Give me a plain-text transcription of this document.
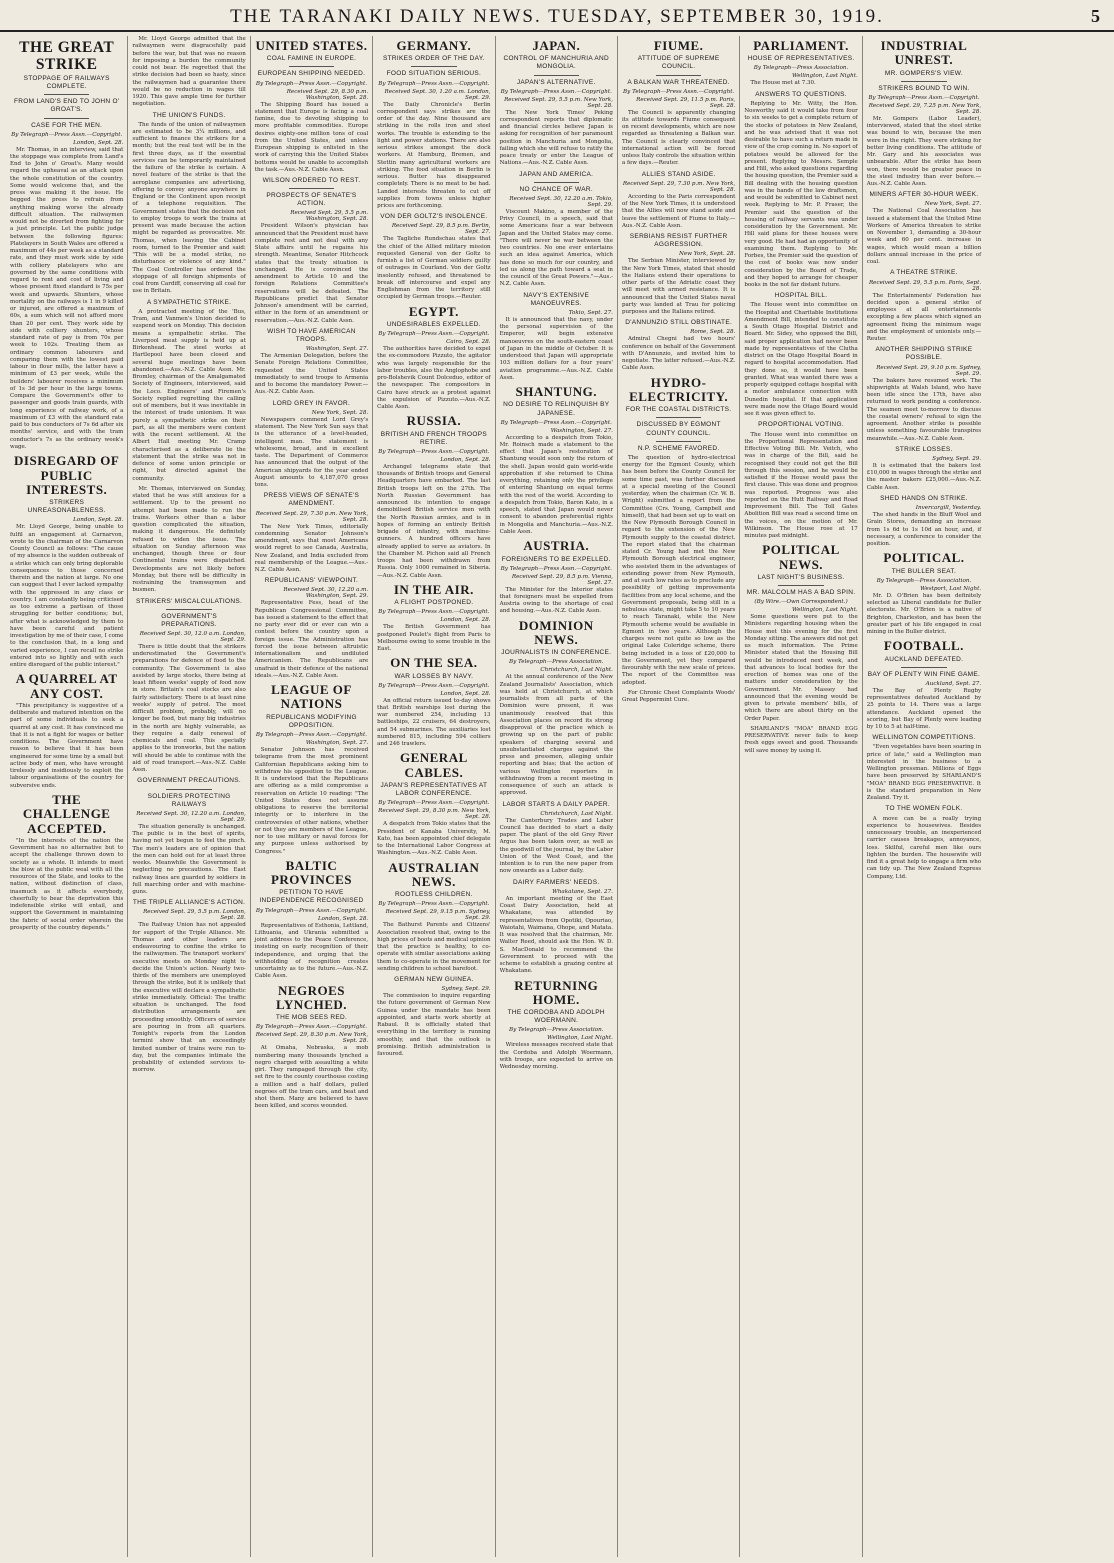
THE TARANAKI DAILY NEWS. TUESDAY, SEPTEMBER 30, 1919.	5
THE GREAT STRIKE
STOPPAGE OF RAILWAYS COMPLETE.
FROM LAND'S END TO JOHN O' GROAT'S.
CASE FOR THE MEN.
By Telegraph—Press Assn.—Copyright.
London, Sept. 28.
Mr. Thomas, in an interview, said that the stoppage was complete from Land's End to John o' Groat's. Many would regard the upheaval as an attack upon the whole constitution of the country. Some would welcome that, and the press was making it the issue. He begged the press to refrain from anything making worse the already difficult situation. The railwaymen would not be diverted from fighting for a just principle. Let the public judge between the following figures: Platelayers in South Wales are offered a maximum of 44s per week as a standard rate, and they must work side by side with colliery platelayers who are governed by the same conditions with regard to rent and cost of living and whose present fixed standard is 75s per week and upwards. Shunters, whose mortality on the railways is 1 in 9 killed or injured, are offered a maximum of 60s, a sum which will not afford more than 20 per cent. They work side by side with colliery shunters, whose standard rate of pay is from 70s per week to 102s. Treating them as ordinary common labourers and comparing them with the lowest paid labour in flour mills, the latter have a minimum of £3 per week, while the builders' labourer receives a minimum of 1s 3d per hour in the large towns. Compare the Government's offer to passenger and goods train guards, with long experience of railway work, of a maximum of £3 with the standard rate paid to bus conductors of 7s 6d after six months' service, and with the tram conductor's 7s as the ordinary week's wage.
DISREGARD OF PUBLIC INTERESTS.
STRIKERS UNREASONABLENESS.
London, Sept. 28.
Mr. Lloyd George, being unable to fulfil an engagement at Carnarvon, wrote to the chairman of the Carnarvon County Council as follows: "The cause of my absence is the sudden outbreak of a strike which can only bring deplorable consequences to those concerned therein and the nation at large. No one can suggest that I ever lacked sympathy with the oppressed in any class or country. I am constantly being criticised as too extreme a partisan of those struggling for better conditions; but, after what is acknowledged by them to have been careful and patient investigation by me of their case, I come to the conclusion that, in a long and varied experience, I can recall no strike entered into so lightly and with such entire disregard of the public interest."
A QUARREL AT ANY COST.
"This precipitancy is suggestive of a deliberate and matured intention on the part of some individuals to seek a quarrel at any cost. It has convinced me that it is not a fight for wages or better conditions. The Government have reason to believe that it has been engineered for some time by a small but active body of men, who have wrought tirelessly and insidiously to exploit the labour organisations of the country for subversive ends.
THE CHALLENGE ACCEPTED.
"In the interests of the nation the Government has no alternative but to accept the challenge thrown down to society as a whole. It intends to meet the blow at the public weal with all the resources of the State, and looks to the nation, without distinction of class, inasmuch as it affects everybody, cheerfully to bear the deprivation this indefensible strike will entail, and support the Government in maintaining the fabric of social order wherein the prosperity of the country depends."
Mr. Lloyd George admitted that the railwaymen were disgracefully paid before the war, but that was no reason for imposing a burden the community could not bear. He regretted that the strike decision had been so hasty, since the railwaymen had a guarantee there would be no reduction in wages till 1920. This gave ample time for further negotiation.
THE UNION'S FUNDS.
The funds of the union of railwaymen are estimated to be 3¼ millions, and sufficient to finance the strikers for a month; but the real test will be in the first three days, as if the essential services can be temporarily maintained the failure of the strike is certain. A novel feature of the strike is that the aeroplane companies are advertising, offering to convey anyone anywhere in England or the Continent upon receipt of a telephone requisition. The Government states that the decision not to employ troops to work the trains at present was made because the action might be regarded as provocative. Mr. Thomas, when leaving the Cabinet room, turned to the Premier and said: "This will be a model strike, no disturbance or violence of any kind." The Coal Controller has ordered the stoppage of all foreign shipments of coal from Cardiff, conserving all coal for use in Britain.
A SYMPATHETIC STRIKE.
A protracted meeting of the 'Bus, Tram, and Vanmen's Union decided to suspend work on Monday. This decision means a sympathetic strike. The Liverpool meat supply is held up at Birkenhead. The steel works at Hartlepool have been closed and several huge meetings have been abandoned.—Aus.-N.Z. Cable Assn. Mr. Bromley, chairman of the Amalgamated Society of Engineers, interviewed, said the Loco. Engineers' and Firemen's Society replied regretting the calling out of members, but it was inevitable in the interest of trade unionism. It was purely a sympathetic strike on their part, as all the members were content with the recent settlement. At the Albert Hall meeting Mr. Cramp characterised as a deliberate lie the statement that the strike was not in defence of some union principle or right, but directed against the community.
Mr. Thomas, interviewed on Sunday, stated that he was still anxious for a settlement. Up to the present no attempt had been made to run the trains. Workers other than a labor question complicated the situation, making it dangerous. He definitely refused to widen the issue. The situation on Sunday afternoon was unchanged, though three or four Continental trains were dispatched. Developments are not likely before Monday, but there will be difficulty in restraining the tramwaymen and busmen.
STRIKERS' MISCALCULATIONS.
GOVERNMENT'S PREPARATIONS.
Received Sept. 30, 12.0 a.m. London, Sept. 29.
There is little doubt that the strikers underestimated the Government's preparations for defence of food to the community. The Government is also assisted by large stocks, there being at least fifteen weeks' supply of food now in store. Britain's coal stocks are also fairly satisfactory. There is at least nine weeks' supply of petrol. The most difficult problem, probably, will no longer be food, but many big industries in the north are highly vulnerable, as they require a daily renewal of chemicals and coal. This specially applies to the ironworks, but the nation will should be able to continue with the aid of road transport.—Aus.-N.Z. Cable Assn.
GOVERNMENT PRECAUTIONS.
SOLDIERS PROTECTING RAILWAYS
Received Sept. 30, 12.20 a.m. London, Sept. 29.
The situation generally is unchanged. The public is in the best of spirits, having not yet begun to feel the pinch. The men's leaders are of opinion that the men can hold out for at least three weeks. Meanwhile the Government is neglecting no precautions. The East railway lines are guarded by soldiers in full marching order and with machine-guns.
THE TRIPLE ALLIANCE'S ACTION.
Received Sept. 29, 5.5 p.m. London, Sept. 28.
The Railway Union has not appealed for support of the Triple Alliance. Mr. Thomas and other leaders are endeavouring to confine the strike to the railwaymen. The transport workers' executive meets on Monday night to decide the Union's action. Nearly two-thirds of the members are unemployed through the strike, but it is unlikely that the executive will declare a sympathetic strike immediately. Official: The traffic situation is unchanged. The food distribution arrangements are proceeding smoothly. Officers of service are pouring in from all quarters. Tonight's reports from the London termini show that an exceedingly limited number of trains were run to-day, but the companies intimate the probability of extended services to-morrow.
UNITED STATES.
COAL FAMINE IN EUROPE.
EUROPEAN SHIPPING NEEDED.
By Telegraph—Press Assn.—Copyright.
Received Sept. 29, 8.30 p.m. Washington, Sept. 28.
The Shipping Board has issued a statement that Europe is facing a coal famine, due to devoting shipping to more profitable commodities. Europe desires eighty-one million tons of coal from the United States, and unless European shipping is enlisted in the work of carrying this the United States bottoms would be unable to accomplish the task.—Aus.-N.Z. Cable Assn.
WILSON ORDERED TO REST.
PROSPECTS OF SENATE'S ACTION.
Received Sept. 29, 5.5 p.m. Washington, Sept. 28.
President Wilson's physician has announced that the President must have complete rest and not deal with any State affairs until he regains his strength. Meantime, Senator Hitchcock states that the treaty situation is unchanged. He is convinced the amendment to Article 10 and the foreign Relations Committee's reservations will be defeated. The Republicans predict that Senator Johnson's amendment will be carried, either in the form of an amendment or reservation.—Aus.-N.Z. Cable Assn.
WISH TO HAVE AMERICAN TROOPS.
Washington, Sept. 27.
The Armenian Delegation, before the Senate Foreign Relations Committee, requested the United States immediately to send troops to Armenia and to become the mandatory Power.—Aus.-N.Z. Cable Assn.
LORD GREY IN FAVOR.
New York, Sept. 28.
Newspapers commend Lord Grey's statement. The New York Sun says that is the utterance of a level-headed, intelligent man. The statement is wholesome, broad, and in excellent taste. The Department of Commerce has announced that the output of the American shipyards for the year ended August amounts to 4,187,070 gross tons.
PRESS VIEWS OF SENATE'S AMENDMENT.
Received Sept. 29, 7.30 p.m. New York, Sept. 28.
The New York Times, editorially condemning Senator Johnson's amendment, says that most Americans would regret to see Canada, Australia, New Zealand, and India excluded from real membership of the League.—Aus.-N.Z. Cable Assn.
REPUBLICANS' VIEWPOINT.
Received Sept. 30, 12.20 a.m. Washington, Sept. 29.
Representative Fess, head of the Republican Congressional Committee, has issued a statement to the effect that no party ever did or ever can win a contest before the country upon a foreign issue. The Administration has forced the issue between altruistic internationalism and undiluted Americanism. The Republicans are unafraid in their defence of the national ideals.—Aus.-N.Z. Cable Assn.
LEAGUE OF NATIONS
REPUBLICANS MODIFYING OPPOSITION.
By Telegraph—Press Assn.—Copyright.
Washington, Sept. 27.
Senator Johnson has received telegrams from the most prominent Californian Republicans asking him to withdraw his opposition to the League. It is understood that the Republicans are offering as a mild compromise a reservation on Article 10 reading: "The United States does not assume obligations to reserve the territorial integrity or to interfere in the controversies of other nations, whether or not they are members of the League, nor to use military or naval forces for any purpose unless authorised by Congress."
BALTIC PROVINCES
PETITION TO HAVE INDEPENDENCE RECOGNISED
By Telegraph—Press Assn.—Copyright.
London, Sept. 28.
Representatives of Esthonia, Lettland, Lithuania, and Ukrania submitted a joint address to the Peace Conference, insisting on early recognition of their independence, and urging that the withholding of recognition creates uncertainty as to the future.—Aus.-N.Z. Cable Assn.
NEGROES LYNCHED.
THE MOB SEES RED.
By Telegraph—Press Assn.—Copyright.
Received Sept. 29, 8.30 p.m. New York, Sept. 28.
At Omaha, Nebraska, a mob numbering many thousands lynched a negro charged with assaulting a white girl. They rampaged through the city, set fire to the county courthouse costing a million and a half dollars, pulled negroes off the tram cars, and beat and shot them. Many are believed to have been killed, and scores wounded.
GERMANY.
STRIKES ORDER OF THE DAY.
FOOD SITUATION SERIOUS.
By Telegraph—Press Assn.—Copyright.
Received Sept. 30, 1.20 a.m. London, Sept. 29.
The Daily Chronicle's Berlin correspondent says strikes are the order of the day. Nine thousand are striking in the rolls iron and steel works. The trouble is extending to the light and power stations. There are also serious strikes amongst the dock workers. At Hamburg, Bremen, and Stettin many agricultural workers are striking. The food situation in Berlin is serious. Butter has disappeared completely. There is no meat to be had. Landed interests threaten to cut off supplies from towns unless higher prices are forthcoming.
VON DER GOLTZ'S INSOLENCE.
Received Sept. 29, 8.5 p.m. Berlin, Sept. 27.
The Tagliche Rundschau states that the chief of the Allied military mission requested General von der Goltz to furnish a list of German soldiers guilty of outrages in Courland. Von der Goltz insolently refused, and threatened to break off intercourse and expel any Englishman from the territory still occupied by German troops.—Reuter.
EGYPT.
UNDESIRABLES EXPELLED.
By Telegraph—Press Assn.—Copyright.
Cairo, Sept. 28.
The authorities have decided to expel the ex-commodore Pizzuto, the agitator who was largely responsible for the labor troubles, also the Anglophobe and pro-Bolshevik Count Dolceduo, editor of the newspaper. The compositors in Cairo have struck as a protest against the expulsion of Pizzuto.—Aus.-N.Z. Cable Assn.
RUSSIA.
BRITISH AND FRENCH TROOPS RETIRE.
By Telegraph—Press Assn.—Copyright.
London, Sept. 28.
Archangel telegrams state that thousands of British troops and General Headquarters have embarked. The last British troops left on the 27th. The North Russian Government has announced its intention to engage demobilised British service men with the North Russian armies, and is in hopes of forming an entirely British brigade of infantry, with machine-gunners. A hundred officers have already applied to serve as aviators. In the Chamber M. Pichon said all French troops had been withdrawn from Russia. Only 1000 remained in Siberia.—Aus.-N.Z. Cable Assn.
IN THE AIR.
A FLIGHT POSTPONED.
By Telegraph—Press Assn.—Copyright.
London, Sept. 28.
The British Government has postponed Poulet's flight from Paris to Melbourne owing to some trouble in the East.
ON THE SEA.
WAR LOSSES BY NAVY.
By Telegraph—Press Assn.—Copyright.
London, Sept. 28.
An official return issued to-day shows that British warships lost during the war numbered 254, including 13 battleships, 22 cruisers, 64 destroyers, and 54 submarines. The auxiliaries lost numbered 815, including 594 colliers and 246 trawlers.
GENERAL CABLES.
JAPAN'S REPRESENTATIVES AT LABOR CONFERENCE.
By Telegraph—Press Assn.—Copyright.
Received Sept. 29, 8.30 p.m. New York, Sept. 28.
A despatch from Tokio states that the President of Kanaba University, M. Kato, has been appointed chief delegate to the International Labor Congress at Washington.—Aus.-N.Z. Cable Assn.
AUSTRALIAN NEWS.
ROOTLESS CHILDREN.
By Telegraph—Press Assn.—Copyright.
Received Sept. 29, 9.15 p.m. Sydney, Sept. 29.
The Bathurst Parents and Citizens' Association resolved that, owing to the high prices of boots and medical opinion that the practice is healthy, to co-operate with similar associations asking them to co-operate in the movement for sending children to school barefoot.
GERMAN NEW GUINEA.
Sydney, Sept. 29.
The commission to inquire regarding the future government of German New Guinea under the mandate has been appointed, and starts work shortly at Rabaul. It is officially stated that everything in the territory is running smoothly, and that the outlook is promising. British administration is favoured.
JAPAN.
CONTROL OF MANCHURIA AND MONGOLIA.
JAPAN'S ALTERNATIVE.
By Telegraph—Press Assn.—Copyright.
Received Sept. 29, 5.5 p.m. New York, Sept. 28.
The New York Times' Peking correspondent reports that diplomatic and financial circles believe Japan is asking for recognition of her paramount position in Manchuria and Mongolia, failing which she will refuse to ratify the peace treaty or enter the League of Nations.—Aus.-N.Z. Cable Assn.
JAPAN AND AMERICA.
NO CHANCE OF WAR.
Received Sept. 30, 12.20 a.m. Tokio, Sept. 29.
Viscount Makino, a member of the Privy Council, in a speech, said that some Americans fear a war between Japan and the United States may come. "There will never be war between the two countries. No one ever entertains such an idea against America, which has done so much for our country, and led us along the path toward a seat in the council of the Great Powers."—Aus.-N.Z. Cable Assn.
NAVY'S EXTENSIVE MANOEUVRES.
Tokio, Sept. 27.
It is announced that the navy, under the personal supervision of the Emperor, will begin extensive manoeuvres on the south-eastern coast of Japan in the middle of October. It is understood that Japan will appropriate 103 million dollars for a four years' aviation programme.—Aus.-N.Z. Cable Assn.
SHANTUNG.
NO DESIRE TO RELINQUISH BY JAPANESE.
By Telegraph—Press Assn.—Copyright.
Washington, Sept. 27.
According to a despatch from Tokio, Mr. Roinsch made a statement to the effect that Japan's restoration of Shantung would soon only the return of the shell. Japan would gain world-wide approbation if she returned to China everything, retaining only the privilege of entering Shantung on equal terms with the rest of the world. According to a despatch from Tokio, Baron Kato, in a speech, stated that Japan would never consent to abandon preferential rights in Mongolia and Manchuria.—Aus.-N.Z. Cable Assn.
AUSTRIA.
FOREIGNERS TO BE EXPELLED.
By Telegraph—Press Assn.—Copyright.
Received Sept. 29, 8.5 p.m. Vienna, Sept. 27.
The Minister for the Interior states that foreigners must be expelled from Austria owing to the shortage of coal and housing.—Aus.-N.Z. Cable Assn.
DOMINION NEWS.
JOURNALISTS IN CONFERENCE.
By Telegraph—Press Association.
Christchurch, Last Night.
At the annual conference of the New Zealand Journalists' Association, which was held at Christchurch, at which journalists from all parts of the Dominion were present, it was unanimously resolved that this Association places on record its strong disapproval of the practice which is growing up on the part of public speakers of charging several and unsubstantiated charges against the press and pressmen, alleging unfair reporting and bias; that the action of various Wellington reporters in withdrawing from a recent meeting in consequence of such an attack is approved.
LABOR STARTS A DAILY PAPER.
Christchurch, Last Night.
The Canterbury Trades and Labor Council has decided to start a daily paper. The plant of the old Grey River Argus has been taken over, as well as the goodwill of the journal, by the Labor Union of the West Coast, and the intention is to run the new paper from now onwards as a Labor daily.
DAIRY FARMERS' NEEDS.
Whakatane, Sept. 27.
An important meeting of the East Coast Dairy Association, held at Whakatane, was attended by representatives from Opotiki, Opouriao, Waiotahi, Waimana, Ohope, and Matata. It was resolved that the chairman, Mr. Walter Reed, should ask the Hon. W. D. S. MacDonald to recommend the Government to proceed with the scheme to establish a grazing centre at Whakatane.
RETURNING HOME.
THE CORDOBA AND ADOLPH WOERMANN.
By Telegraph—Press Association.
Wellington, Last Night.
Wireless messages received state that the Cordoba and Adolph Woermann, with troops, are expected to arrive on Wednesday morning.
FIUME.
ATTITUDE OF SUPREME COUNCIL.
A BALKAN WAR THREATENED.
By Telegraph—Press Assn.—Copyright.
Received Sept. 29, 11.5 p.m. Paris, Sept. 28.
The Council is apparently changing its attitude towards Fiume consequent on recent developments, which are now regarded as threatening a Balkan war. The Council is clearly convinced that international action will be forced unless Italy controls the situation within a few days.—Reuter.
ALLIES STAND ASIDE.
Received Sept. 29, 7.30 p.m. New York, Sept. 28.
According to the Paris correspondent of the New York Times, it is understood that the Allies will now stand aside and leave the settlement of Fiume to Italy.—Aus.-N.Z. Cable Assn.
SERBIANS RESIST FURTHER AGGRESSION.
New York, Sept. 28.
The Serbian Minister, interviewed by the New York Times, stated that should the Italians extend their operations to other parts of the Adriatic coast they will meet with armed resistance. It is announced that the United States naval party was landed at Trau for policing purposes and the Italians retired.
D'ANNUNZIO STILL OBSTINATE.
Rome, Sept. 28.
Admiral Chegni had two hours' conference on behalf of the Government with D'Annunzio, and invited him to negotiate. The latter refused.—Aus.-N.Z. Cable Assn.
HYDRO-ELECTRICITY.
FOR THE COASTAL DISTRICTS.
DISCUSSED BY EGMONT COUNTY COUNCIL.
N.P. SCHEME FAVORED.
The question of hydro-electrical energy for the Egmont County, which has been before the County Council for some time past, was further discussed at a special meeting of the Council yesterday, when the chairman (Cr. W. B. Wright) submitted a report from the Committee (Crs. Young, Campbell and himself), that had been set up to wait on the New Plymouth Borough Council in regard to the extension of the New Plymouth supply to the coastal district. The report stated that the chairman stated Cr. Young had met the New Plymouth Borough electrical engineer, who assisted them in the advantages of extending power from New Plymouth, and at such low rates as to preclude any possibility of getting improvements facilities from any local scheme, and the Government proposals, being still in a nebulous state, might take 5 to 10 years to reach Taranaki, while the New Plymouth scheme would be available in Egmont in two years. Although the charges were not quite so low as the original Lake Coleridge scheme, there being included in a loss of £20,000 to the Government, yet they compared favourably with the new scale of prices. The report of the Committee was adopted.
For Chronic Chest Complaints Woods' Great Peppermint Cure.
PARLIAMENT.
HOUSE OF REPRESENTATIVES.
By Telegraph—Press Association.
Wellington, Last Night.
The House met at 7.30.
ANSWERS TO QUESTIONS.
Replying to Mr. Witty, the Hon. Nosworthy said it would take from four to six weeks to get a complete return of the stocks of potatoes in New Zealand, and he was advised that it was not desirable to have such a return made in view of the crop coming in. No export of potatoes would be allowed for the present. Replying to Messrs. Semple and Hill, who asked questions regarding the housing question, the Premier said a Bill dealing with the housing question was in the hands of the law draftsmen, and would be submitted to Cabinet next week. Replying to Mr. P. Fraser, the Premier said the question of the housing of railway servants was under consideration by the Government. Mr. Hill said plans for these houses were very good. He had had an opportunity of examining them. Replying to Mr. Forbes, the Premier said the question of the cost of books was now under consideration by the Board of Trade, and they hoped to arrange for cheaper books in the not far distant future.
HOSPITAL BILL.
The House went into committee on the Hospital and Charitable Institutions Amendment Bill, intended to constitute a South Otago Hospital District and Board. Mr. Sidey, who opposed the Bill, said proper application had never been made by representatives of the Clutha district on the Otago Hospital Board in regard to hospital accommodation. Had they done so, it would have been granted. What was wanted there was a properly equipped cottage hospital with a motor ambulance connection with Dunedin hospital. If that application were made now the Otago Board would see it was given effect to.
PROPORTIONAL VOTING.
The House went into committee on the Proportional Representation and Effective Voting Bill. Mr. Veitch, who was in charge of the Bill, said he recognised they could not get the Bill through this session, and he would be satisfied if the House would pass the first clause. This was done and progress was reported. Progress was also reported on the Hutt Railway and Road Improvement Bill. The Toll Gates Abolition Bill was read a second time on the voices, on the motion of Mr. Wilkinson. The House rose at 17 minutes past midnight.
POLITICAL NEWS.
LAST NIGHT'S BUSINESS.
MR. MALCOLM HAS A BAD SPIN.
(By Wire.—Own Correspondent.)
Wellington, Last Night.
Some questions were put to the Ministers regarding housing when the House met this evening for the first Monday sitting. The answers did not get us much information. The Prime Minister stated that the Housing Bill would be introduced next week, and that advances to local bodies for the erection of homes was one of the matters under consideration by the Government. Mr. Massey had announced that the evening would be given to private members' bills, of which there are about thirty on the Order Paper.
SHARLAND'S "MOA" BRAND EGG PRESERVATIVE never fails to keep fresh eggs sweet and good. Thousands will save money by using it.
INDUSTRIAL UNREST.
MR. GOMPERS'S VIEW.
STRIKERS BOUND TO WIN.
By Telegraph—Press Assn.—Copyright.
Received Sept. 29, 7.25 p.m. New York, Sept. 28.
Mr. Gompers (Labor Leader), interviewed, stated that the steel strike was bound to win, because the men were in the right. They were striking for better living conditions. The attitude of Mr. Gary and his associates was unbearable. After the strike has been won, there would be greater peace in the steel industry than ever before.—Aus.-N.Z. Cable Assn.
MINERS AFTER 30-HOUR WEEK.
New York, Sept. 27.
The National Coal Association has issued a statement that the United Mine Workers of America threaten to strike on November 1, demanding a 30-hour week and 60 per cent. increase in wages, which would mean a billion dollars annual increase in the price of coal.
A THEATRE STRIKE.
Received Sept. 29, 5.5 p.m. Paris, Sept. 28.
The Entertainments' Federation has decided upon a general strike of employees at all entertainments excepting a few places which signed an agreement fixing the minimum wage and the employment of unionists only.—Reuter.
ANOTHER SHIPPING STRIKE POSSIBLE.
Received Sept. 29, 9.10 p.m. Sydney, Sept. 29.
The bakers have resumed work. The shipwrights at Walsh Island, who have been idle since the 17th, have also returned to work pending a conference. The seamen meet to-morrow to discuss the coastal owners' refusal to sign the agreement. Another strike is possible unless something favourable transpires meanwhile.—Aus.-N.Z. Cable Assn.
STRIKE LOSSES.
Sydney, Sept. 29.
It is estimated that the bakers lost £10,000 in wages through the strike and the master bakers £25,000.—Aus.-N.Z. Cable Assn.
SHED HANDS ON STRIKE.
Invercargill, Yesterday.
The shed hands in the Bluff Wool and Grain Stores, demanding an increase from 1s 6d to 1s 10d an hour, and, if necessary, a conference to consider the position.
POLITICAL.
THE BULLER SEAT.
By Telegraph—Press Association.
Westport, Last Night.
Mr. D. O'Brien has been definitely selected as Liberal candidate for Buller electorate. Mr. O'Brien is a native of Brighton, Charleston, and has been the greater part of his life engaged in coal mining in the Buller district.
FOOTBALL.
AUCKLAND DEFEATED.
BAY OF PLENTY WIN FINE GAME.
Auckland, Sept. 27.
The Bay of Plenty Rugby representatives defeated Auckland by 25 points to 14. There was a large attendance. Auckland opened the scoring, but Bay of Plenty were leading by 10 to 5 at half-time.
WELLINGTON COMPETITIONS.
"Even vegetables have been soaring in price of late," said a Wellington man interested in the business to a Wellington pressman. Millions of Eggs have been preserved by SHARLAND'S "MOA" BRAND EGG PRESERVATIVE. It is the standard preparation in New Zealand. Try it.
TO THE WOMEN FOLK.
A move can be a really trying experience to housewives. Besides unnecessary trouble, an inexperienced carrier causes breakages, annoyance, loss. Skilful, careful men like ours lighten the burden. The housewife will find it a great help to engage a firm who can tidy up. The New Zealand Express Company, Ltd.
